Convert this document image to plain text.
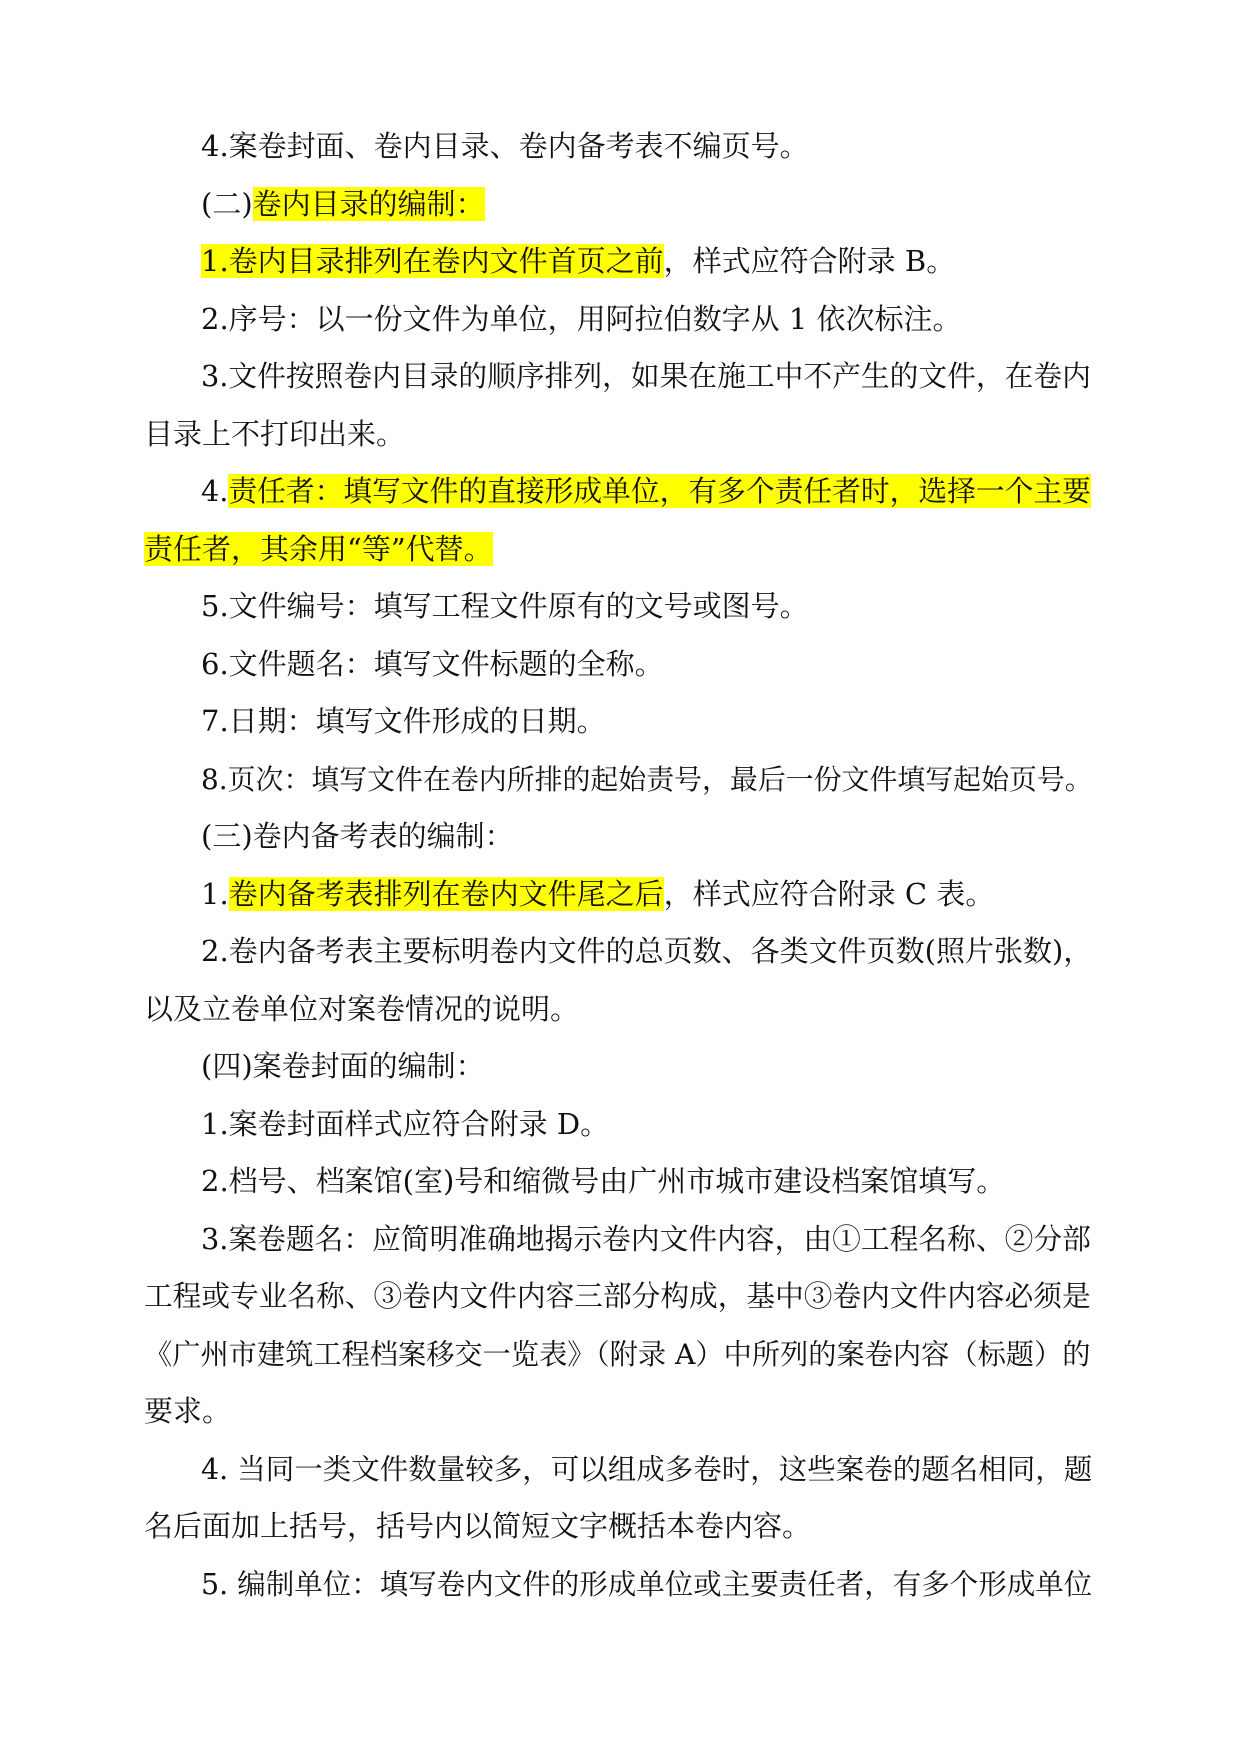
4.案卷封面、卷内目录、卷内备考表不编页号。
(二)卷内目录的编制：
1.卷内目录排列在卷内文件首页之前，样式应符合附录 B。
2.序号：以一份文件为单位，用阿拉伯数字从 1 依次标注。
3.文件按照卷内目录的顺序排列，如果在施工中不产生的文件，在卷内
目录上不打印出来。
4.责任者：填写文件的直接形成单位，有多个责任者时，选择一个主要
责任者，其余用“等”代替。
5.文件编号：填写工程文件原有的文号或图号。
6.文件题名：填写文件标题的全称。
7.日期：填写文件形成的日期。
8.页次：填写文件在卷内所排的起始责号，最后一份文件填写起始页号。
(三)卷内备考表的编制：
1.卷内备考表排列在卷内文件尾之后，样式应符合附录 C 表。
2.卷内备考表主要标明卷内文件的总页数、各类文件页数(照片张数)，
以及立卷单位对案卷情况的说明。
(四)案卷封面的编制：
1.案卷封面样式应符合附录 D。
2.档号、档案馆(室)号和缩微号由广州市城市建设档案馆填写。
3.案卷题名：应简明准确地揭示卷内文件内容，由①工程名称、②分部
工程或专业名称、③卷内文件内容三部分构成，基中③卷内文件内容必须是
《广州市建筑工程档案移交一览表》（附录 A）中所列的案卷内容（标题）的
要求。
4. 当同一类文件数量较多，可以组成多卷时，这些案卷的题名相同，题
名后面加上括号，括号内以简短文字概括本卷内容。
5. 编制单位：填写卷内文件的形成单位或主要责任者，有多个形成单位
